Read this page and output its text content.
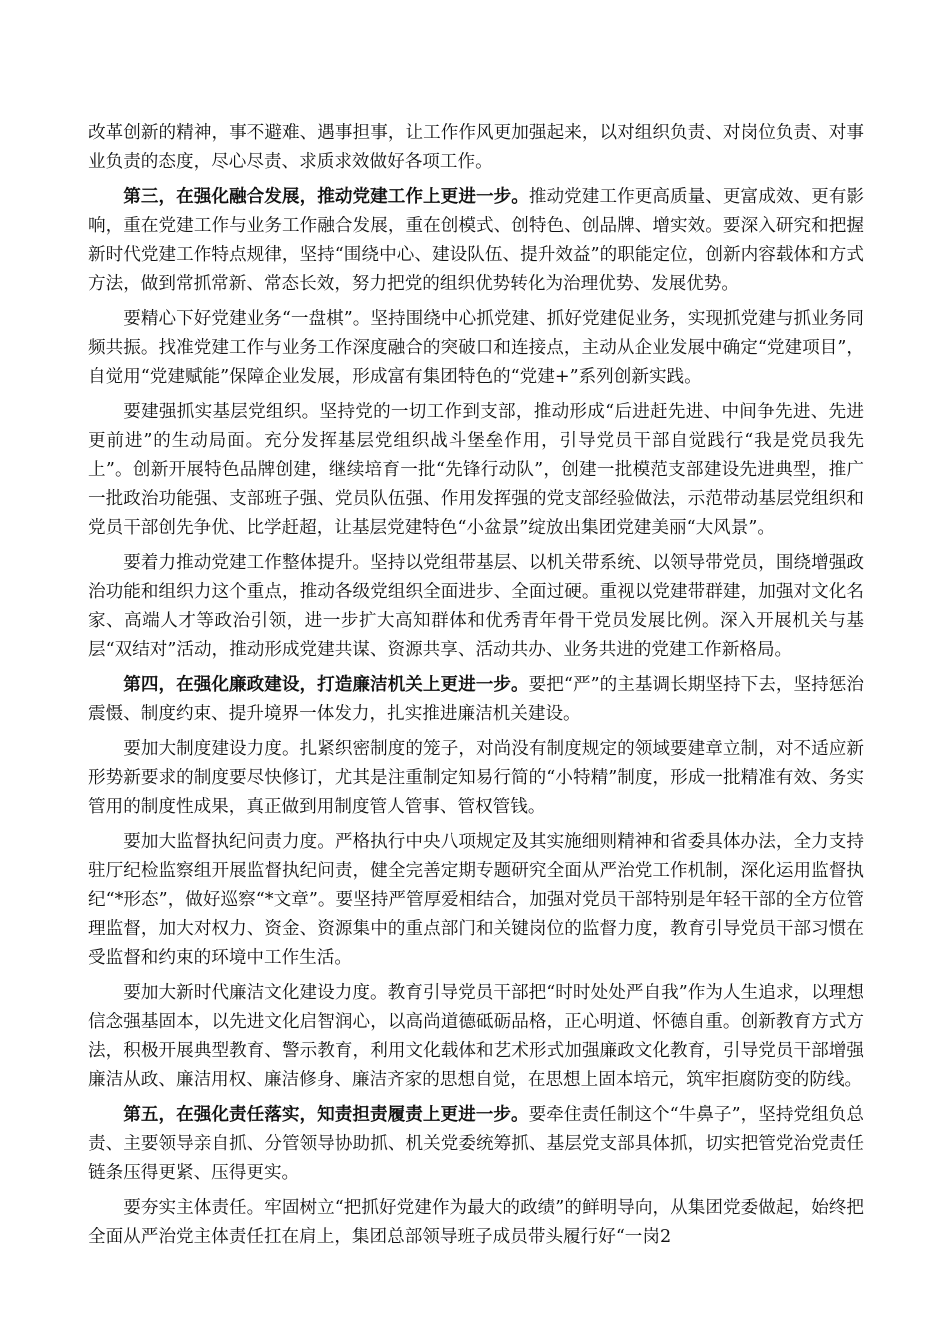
改革创新的精神，事不避难、遇事担事，让工作作风更加强起来，以对组织负责、对岗位负责、对事业负责的态度，尽心尽责、求质求效做好各项工作。

第三，在强化融合发展，推动党建工作上更进一步。推动党建工作更高质量、更富成效、更有影响，重在党建工作与业务工作融合发展，重在创模式、创特色、创品牌、增实效。要深入研究和把握新时代党建工作特点规律，坚持“围绕中心、建设队伍、提升效益”的职能定位，创新内容载体和方式方法，做到常抓常新、常态长效，努力把党的组织优势转化为治理优势、发展优势。

要精心下好党建业务“一盘棋”。坚持围绕中心抓党建、抓好党建促业务，实现抓党建与抓业务同频共振。找准党建工作与业务工作深度融合的突破口和连接点，主动从企业发展中确定“党建项目”，自觉用“党建赋能”保障企业发展，形成富有集团特色的“党建+”系列创新实践。

要建强抓实基层党组织。坚持党的一切工作到支部，推动形成“后进赶先进、中间争先进、先进更前进”的生动局面。充分发挥基层党组织战斗堡垒作用，引导党员干部自觉践行“我是党员我先上”。创新开展特色品牌创建，继续培育一批“先锋行动队”，创建一批模范支部建设先进典型，推广一批政治功能强、支部班子强、党员队伍强、作用发挥强的党支部经验做法，示范带动基层党组织和党员干部创先争优、比学赶超，让基层党建特色“小盆景”绽放出集团党建美丽“大风景”。

要着力推动党建工作整体提升。坚持以党组带基层、以机关带系统、以领导带党员，围绕增强政治功能和组织力这个重点，推动各级党组织全面进步、全面过硬。重视以党建带群建，加强对文化名家、高端人才等政治引领，进一步扩大高知群体和优秀青年骨干党员发展比例。深入开展机关与基层“双结对”活动，推动形成党建共谋、资源共享、活动共办、业务共进的党建工作新格局。

第四，在强化廉政建设，打造廉洁机关上更进一步。要把“严”的主基调长期坚持下去，坚持惩治震慑、制度约束、提升境界一体发力，扎实推进廉洁机关建设。

要加大制度建设力度。扎紧织密制度的笼子，对尚没有制度规定的领域要建章立制，对不适应新形势新要求的制度要尽快修订，尤其是注重制定知易行简的“小特精”制度，形成一批精准有效、务实管用的制度性成果，真正做到用制度管人管事、管权管钱。

要加大监督执纪问责力度。严格执行中央八项规定及其实施细则精神和省委具体办法，全力支持驻厅纪检监察组开展监督执纪问责，健全完善定期专题研究全面从严治党工作机制，深化运用监督执纪“*形态”，做好巡察“*文章”。要坚持严管厚爱相结合，加强对党员干部特别是年轻干部的全方位管理监督，加大对权力、资金、资源集中的重点部门和关键岗位的监督力度，教育引导党员干部习惯在受监督和约束的环境中工作生活。

要加大新时代廉洁文化建设力度。教育引导党员干部把“时时处处严自我”作为人生追求，以理想信念强基固本，以先进文化启智润心，以高尚道德砥砺品格，正心明道、怀德自重。创新教育方式方法，积极开展典型教育、警示教育，利用文化载体和艺术形式加强廉政文化教育，引导党员干部增强廉洁从政、廉洁用权、廉洁修身、廉洁齐家的思想自觉，在思想上固本培元，筑牢拒腐防变的防线。

第五，在强化责任落实，知责担责履责上更进一步。要牵住责任制这个“牛鼻子”，坚持党组负总责、主要领导亲自抓、分管领导协助抓、机关党委统筹抓、基层党支部具体抓，切实把管党治党责任链条压得更紧、压得更实。

要夯实主体责任。牢固树立“把抓好党建作为最大的政绩”的鲜明导向，从集团党委做起，始终把全面从严治党主体责任扛在肩上，集团总部领导班子成员带头履行好“一岗2
